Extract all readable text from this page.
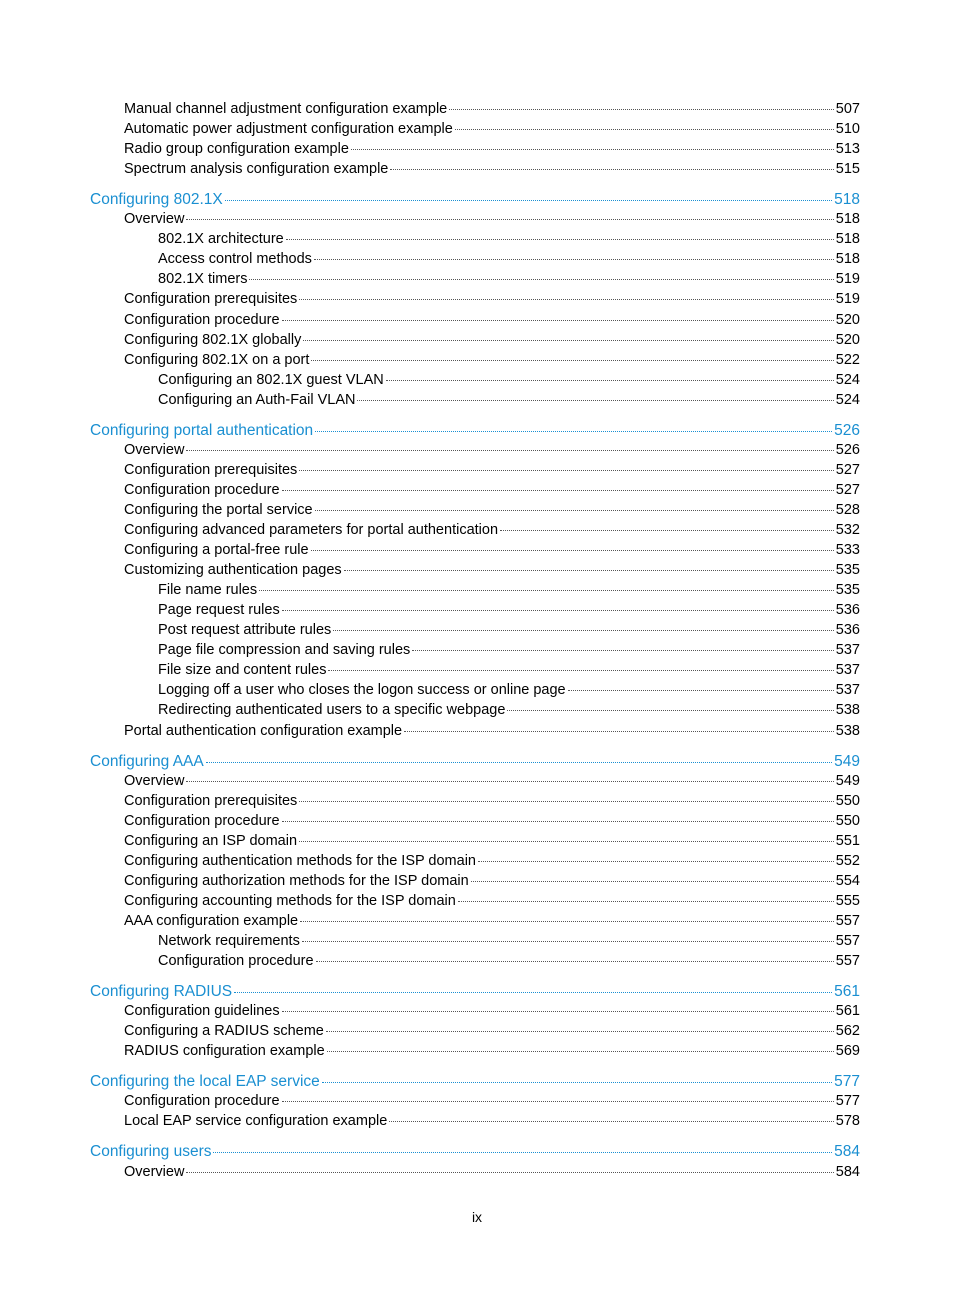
Manual channel adjustment configuration example	507
Automatic power adjustment configuration example	510
Radio group configuration example	513
Spectrum analysis configuration example	515
Configuring 802.1X	518
Overview	518
802.1X architecture	518
Access control methods	518
802.1X timers	519
Configuration prerequisites	519
Configuration procedure	520
Configuring 802.1X globally	520
Configuring 802.1X on a port	522
Configuring an 802.1X guest VLAN	524
Configuring an Auth-Fail VLAN	524
Configuring portal authentication	526
Overview	526
Configuration prerequisites	527
Configuration procedure	527
Configuring the portal service	528
Configuring advanced parameters for portal authentication	532
Configuring a portal-free rule	533
Customizing authentication pages	535
File name rules	535
Page request rules	536
Post request attribute rules	536
Page file compression and saving rules	537
File size and content rules	537
Logging off a user who closes the logon success or online page	537
Redirecting authenticated users to a specific webpage	538
Portal authentication configuration example	538
Configuring AAA	549
Overview	549
Configuration prerequisites	550
Configuration procedure	550
Configuring an ISP domain	551
Configuring authentication methods for the ISP domain	552
Configuring authorization methods for the ISP domain	554
Configuring accounting methods for the ISP domain	555
AAA configuration example	557
Network requirements	557
Configuration procedure	557
Configuring RADIUS	561
Configuration guidelines	561
Configuring a RADIUS scheme	562
RADIUS configuration example	569
Configuring the local EAP service	577
Configuration procedure	577
Local EAP service configuration example	578
Configuring users	584
Overview	584
ix
